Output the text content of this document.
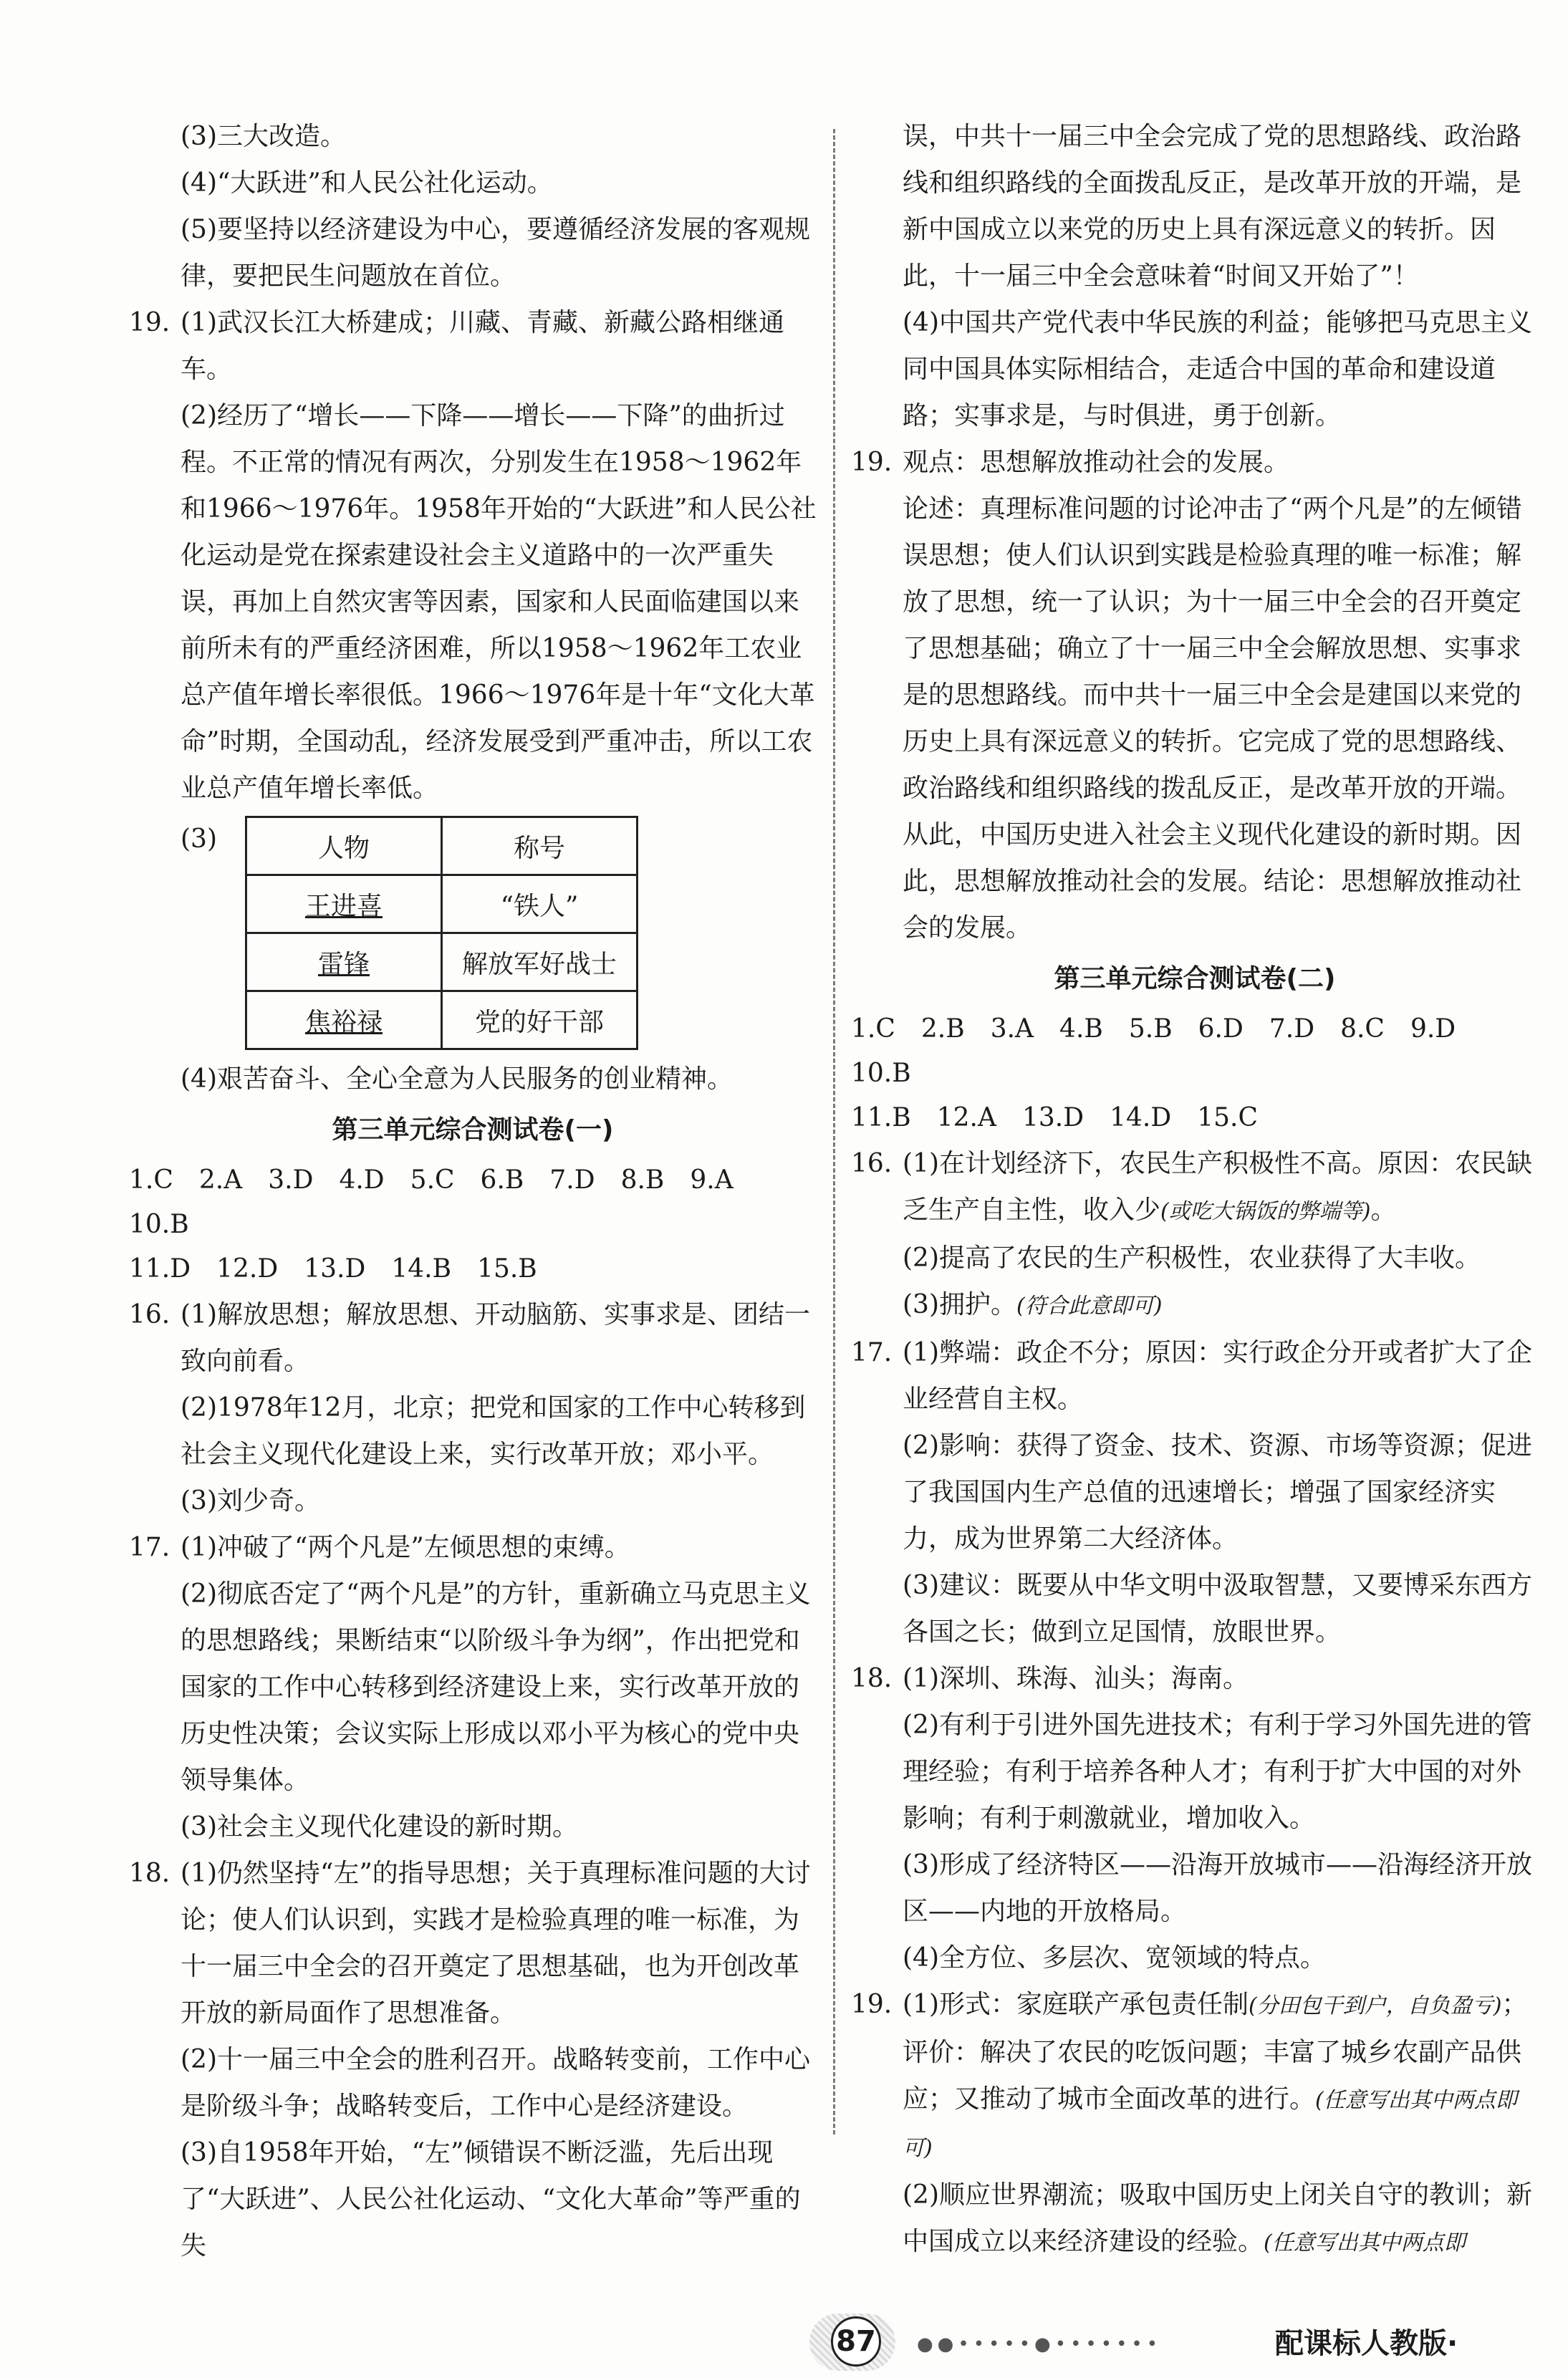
(3)三大改造。

(4)“大跃进”和人民公社化运动。

(5)要坚持以经济建设为中心，要遵循经济发展的客观规律，要把民生问题放在首位。

19. (1)武汉长江大桥建成；川藏、青藏、新藏公路相继通车。

(2)经历了“增长——下降——增长——下降”的曲折过程。不正常的情况有两次，分别发生在1958～1962年和1966～1976年。1958年开始的“大跃进”和人民公社化运动是党在探索建设社会主义道路中的一次严重失误，再加上自然灾害等因素，国家和人民面临建国以来前所未有的严重经济困难，所以1958～1962年工农业总产值年增长率很低。1966～1976年是十年“文化大革命”时期，全国动乱，经济发展受到严重冲击，所以工农业总产值年增长率低。

(3)	人物	称号
王进喜	“铁人”
雷锋	解放军好战士
焦裕禄	党的好干部

(4)艰苦奋斗、全心全意为人民服务的创业精神。

第三单元综合测试卷(一)

1.C　2.A　3.D　4.D　5.C　6.B　7.D　8.B　9.A　10.B

11.D　12.D　13.D　14.B　15.B

16. (1)解放思想；解放思想、开动脑筋、实事求是、团结一致向前看。

(2)1978年12月，北京；把党和国家的工作中心转移到社会主义现代化建设上来，实行改革开放；邓小平。

(3)刘少奇。

17. (1)冲破了“两个凡是”左倾思想的束缚。

(2)彻底否定了“两个凡是”的方针，重新确立马克思主义的思想路线；果断结束“以阶级斗争为纲”，作出把党和国家的工作中心转移到经济建设上来，实行改革开放的历史性决策；会议实际上形成以邓小平为核心的党中央领导集体。

(3)社会主义现代化建设的新时期。

18. (1)仍然坚持“左”的指导思想；关于真理标准问题的大讨论；使人们认识到，实践才是检验真理的唯一标准，为十一届三中全会的召开奠定了思想基础，也为开创改革开放的新局面作了思想准备。

(2)十一届三中全会的胜利召开。战略转变前，工作中心是阶级斗争；战略转变后，工作中心是经济建设。

(3)自1958年开始，“左”倾错误不断泛滥，先后出现了“大跃进”、人民公社化运动、“文化大革命”等严重的失

误，中共十一届三中全会完成了党的思想路线、政治路线和组织路线的全面拨乱反正，是改革开放的开端，是新中国成立以来党的历史上具有深远意义的转折。因此，十一届三中全会意味着“时间又开始了”！

(4)中国共产党代表中华民族的利益；能够把马克思主义同中国具体实际相结合，走适合中国的革命和建设道路；实事求是，与时俱进，勇于创新。

19. 观点：思想解放推动社会的发展。

论述：真理标准问题的讨论冲击了“两个凡是”的左倾错误思想；使人们认识到实践是检验真理的唯一标准；解放了思想，统一了认识；为十一届三中全会的召开奠定了思想基础；确立了十一届三中全会解放思想、实事求是的思想路线。而中共十一届三中全会是建国以来党的历史上具有深远意义的转折。它完成了党的思想路线、政治路线和组织路线的拨乱反正，是改革开放的开端。从此，中国历史进入社会主义现代化建设的新时期。因此，思想解放推动社会的发展。结论：思想解放推动社会的发展。

第三单元综合测试卷(二)

1.C　2.B　3.A　4.B　5.B　6.D　7.D　8.C　9.D　10.B

11.B　12.A　13.D　14.D　15.C

16. (1)在计划经济下，农民生产积极性不高。原因：农民缺乏生产自主性，收入少(或吃大锅饭的弊端等)。

(2)提高了农民的生产积极性，农业获得了大丰收。

(3)拥护。(符合此意即可)

17. (1)弊端：政企不分；原因：实行政企分开或者扩大了企业经营自主权。

(2)影响：获得了资金、技术、资源、市场等资源；促进了我国国内生产总值的迅速增长；增强了国家经济实力，成为世界第二大经济体。

(3)建议：既要从中华文明中汲取智慧，又要博采东西方各国之长；做到立足国情，放眼世界。

18. (1)深圳、珠海、汕头；海南。

(2)有利于引进外国先进技术；有利于学习外国先进的管理经验；有利于培养各种人才；有利于扩大中国的对外影响；有利于刺激就业，增加收入。

(3)形成了经济特区——沿海开放城市——沿海经济开放区——内地的开放格局。

(4)全方位、多层次、宽领域的特点。

19. (1)形式：家庭联产承包责任制(分田包干到户，自负盈亏)；评价：解决了农民的吃饭问题；丰富了城乡农副产品供应；又推动了城市全面改革的进行。(任意写出其中两点即可)

(2)顺应世界潮流；吸取中国历史上闭关自守的教训；新中国成立以来经济建设的经验。(任意写出其中两点即

87 ●●•••••●•••••••	配课标人教版·
